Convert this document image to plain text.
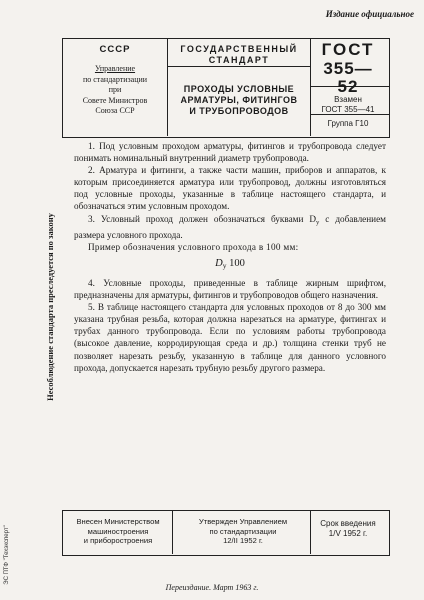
Издание официальное
СССР
Управление
по стандартизации
при
Совете Министров
Союза ССР
ГОСУДАРСТВЕННЫЙ
СТАНДАРТ
ПРОХОДЫ УСЛОВНЫЕ
АРМАТУРЫ, ФИТИНГОВ
И ТРУБОПРОВОДОВ
ГОСТ
355—52
Взамен
ГОСТ 355—41
Группа Г10
Несоблюдение стандарта преследуется по закону
ЭС ПТФ "Техэксперт"

1. Под условным проходом арматуры, фитингов и трубопровода следует понимать номинальный внутренний диаметр трубопровода.

2. Арматура и фитинги, а также части машин, приборов и аппаратов, к которым присоединяется арматура или трубопровод, должны изготовляться под условные проходы, указанные в таблице настоящего стандарта, и обозначаться этим условным проходом.

3. Условный проход должен обозначаться буквами $D_y$ с добавлением размера условного прохода.

Пример обозначения условного прохода в 100 мм:

$D_y$ 100

4. Условные проходы, приведенные в таблице жирным шрифтом, предназначены для арматуры, фитингов и трубопроводов общего назначения.

5. В таблице настоящего стандарта для условных проходов от 8 до 300 мм указана трубная резьба, которая должна нарезаться на арматуре, фитингах и трубах данного трубопровода. Если по условиям работы трубопровода (высокое давление, корродирующая среда и др.) толщина стенки труб не позволяет нарезать резьбу, указанную в таблице для данного условного прохода, допускается нарезать трубную резьбу другого размера.

Внесен Министерством
машиностроения
и приборостроения
Утвержден Управлением
по стандартизации
12/II 1952 г.
Срок введения
1/V 1952 г.
Переиздание. Март 1963 г.
